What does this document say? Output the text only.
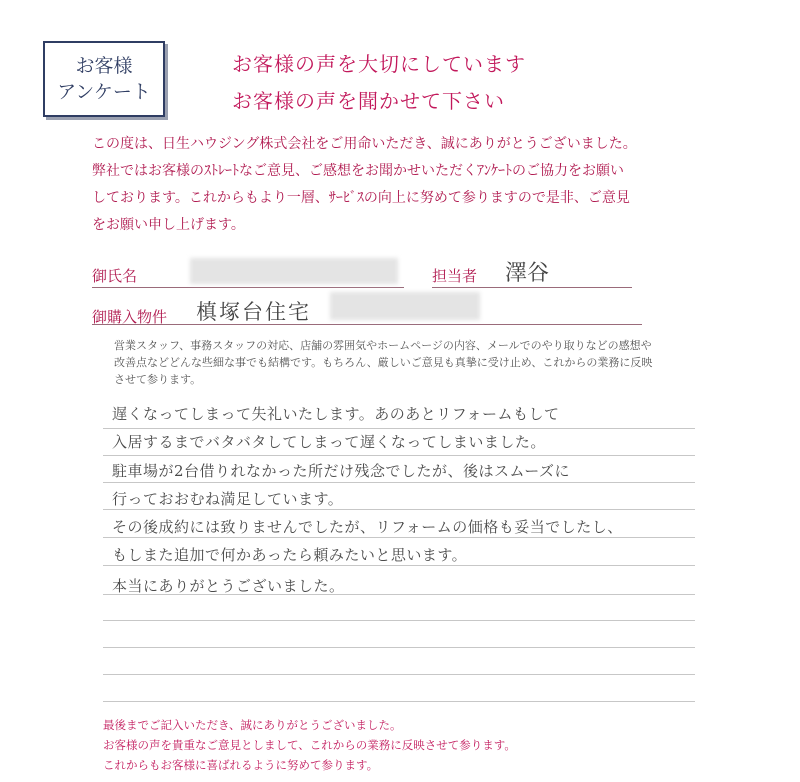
お客様
アンケート
お客様の声を大切にしています
お客様の声を聞かせて下さい
この度は、日生ハウジング株式会社をご用命いただき、誠にありがとうございました。
弊社ではお客様のｽﾄﾚｰﾄなご意見、ご感想をお聞かせいただくｱﾝｹｰﾄのご協力をお願い
しております。これからもより一層、ｻｰﾋﾞｽの向上に努めて参りますので是非、ご意見
をお願い申し上げます。
御氏名	担当者 澤谷
御購入物件 槙塚台住宅
営業スタッフ、事務スタッフの対応、店舗の雰囲気やホームページの内容、メールでのやり取りなどの感想や
改善点などどんな些細な事でも結構です。もちろん、厳しいご意見も真摯に受け止め、これからの業務に反映
させて参ります。
遅くなってしまって失礼いたします。あのあとリフォームもして
入居するまでバタバタしてしまって遅くなってしまいました。
駐車場が2台借りれなかった所だけ残念でしたが、後はスムーズに
行っておおむね満足しています。
その後成約には致りませんでしたが、リフォームの価格も妥当でしたし、
もしまた追加で何かあったら頼みたいと思います。
本当にありがとうございました。
最後までご記入いただき、誠にありがとうございました。
お客様の声を貴重なご意見としまして、これからの業務に反映させて参ります。
これからもお客様に喜ばれるように努めて参ります。
